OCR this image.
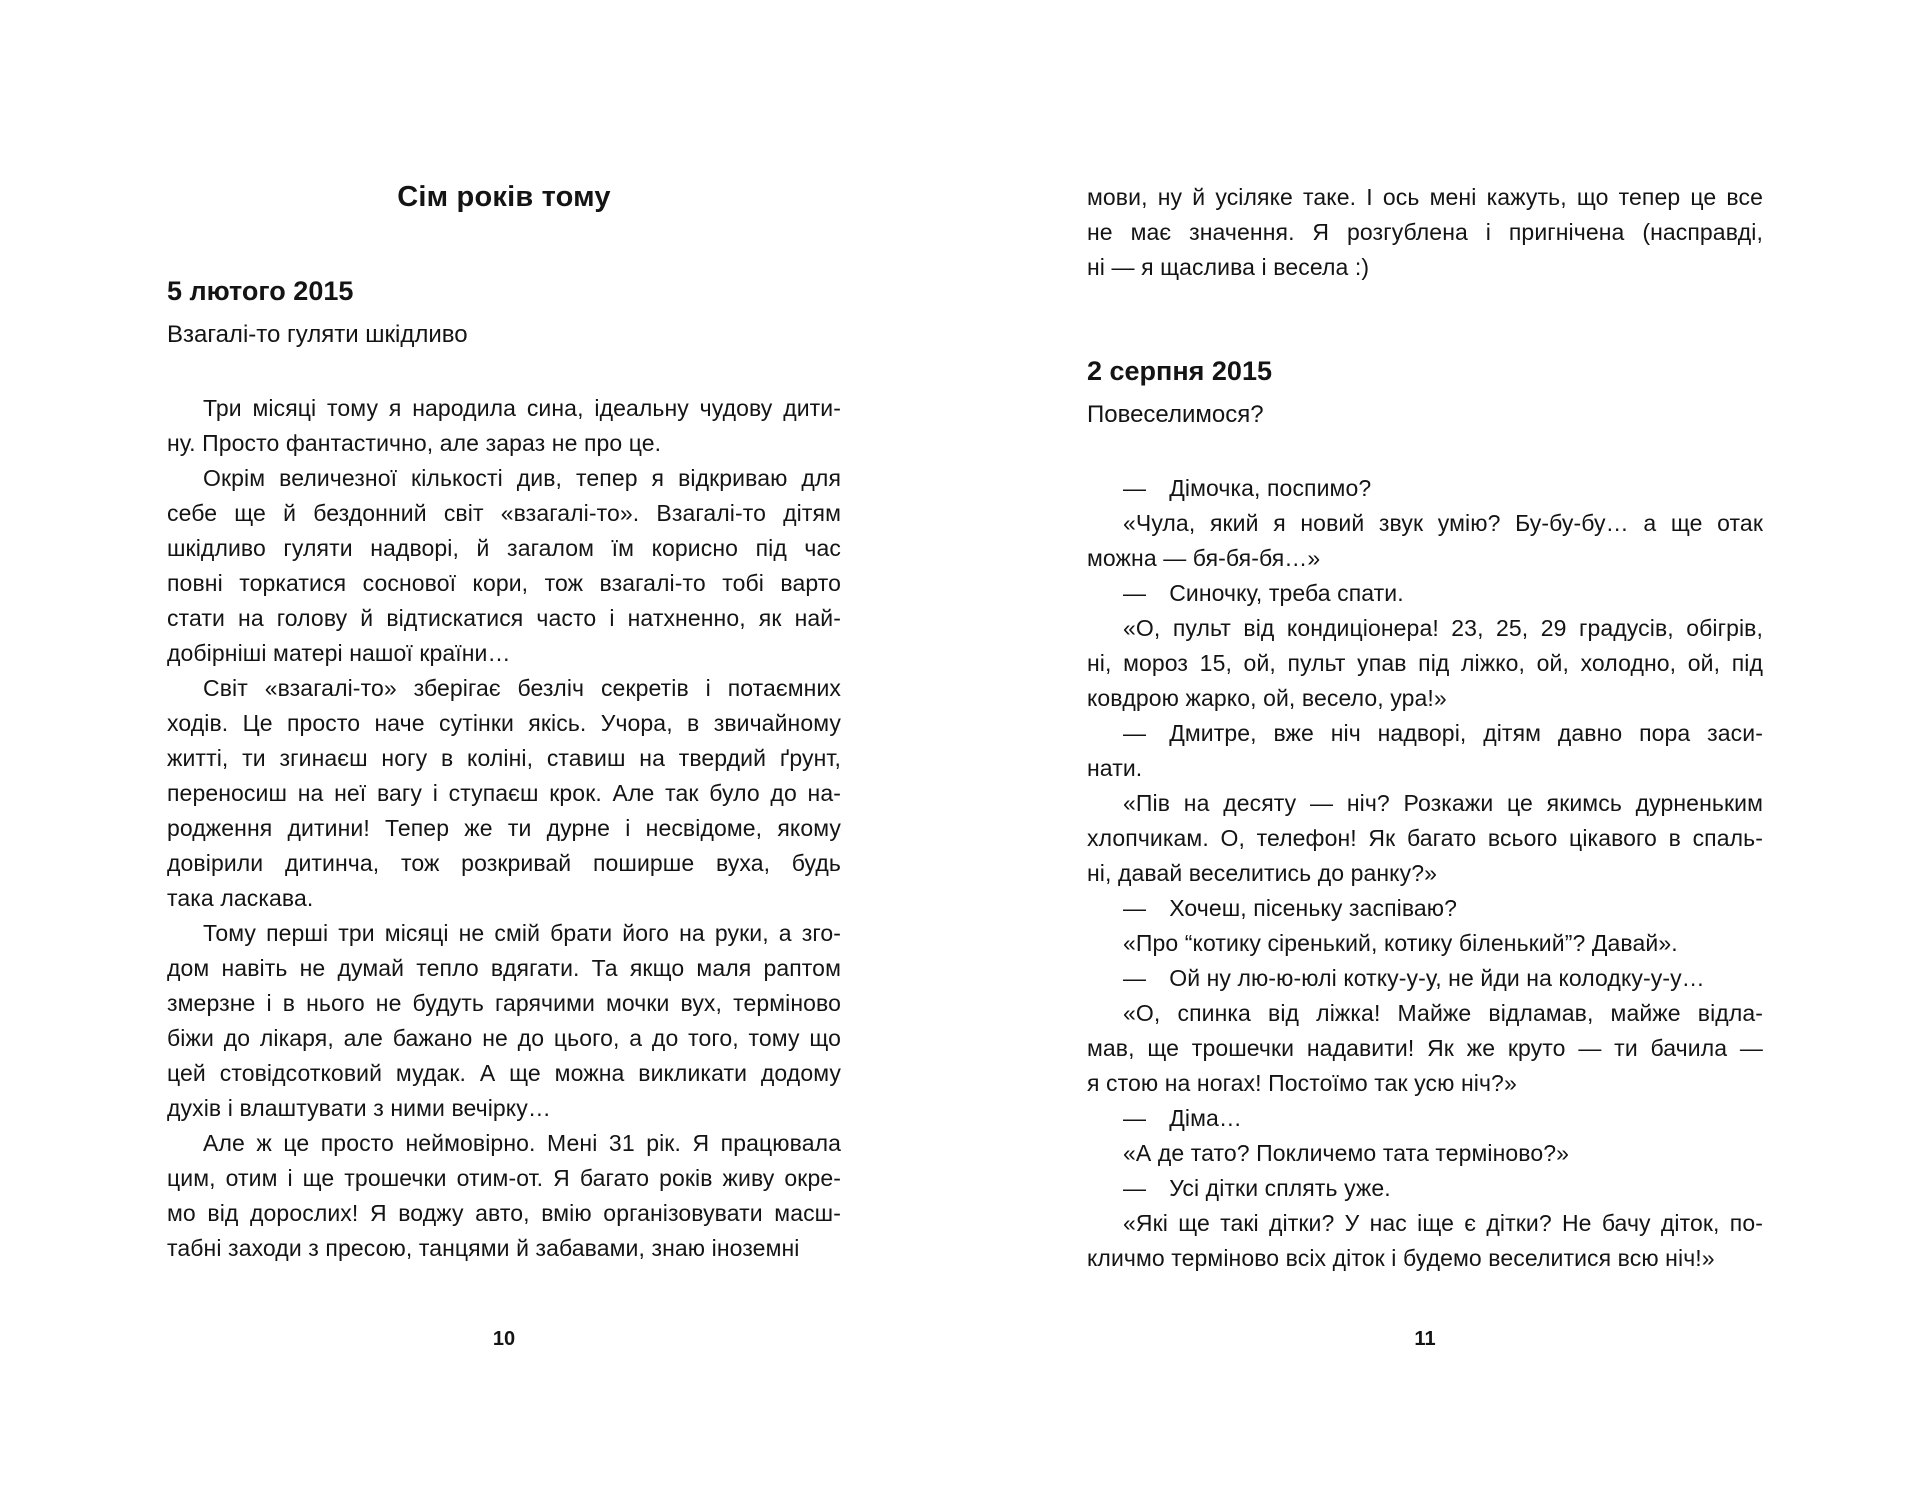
Сім років тому
5 лютого 2015
Взагалі-то гуляти шкідливо
Три місяці тому я народила сина, ідеальну чудову дити-
ну. Просто фантастично, але зараз не про це.
Окрім величезної кількості див, тепер я відкриваю для
себе ще й бездонний світ «взагалі-то». Взагалі-то дітям
шкідливо гуляти надворі, й загалом їм корисно під час
повні торкатися соснової кори, тож взагалі-то тобі варто
стати на голову й відтискатися часто і натхненно, як най-
добірніші матері нашої країни…
Світ «взагалі-то» зберігає безліч секретів і потаємних
ходів. Це просто наче сутінки якісь. Учора, в звичайному
житті, ти згинаєш ногу в коліні, ставиш на твердий ґрунт,
переносиш на неї вагу і ступаєш крок. Але так було до на-
родження дитини! Тепер же ти дурне і несвідоме, якому
довірили дитинча, тож розкривай поширше вуха, будь
така ласкава.
Тому перші три місяці не смій брати його на руки, а зго-
дом навіть не думай тепло вдягати. Та якщо маля раптом
змерзне і в нього не будуть гарячими мочки вух, терміново
біжи до лікаря, але бажано не до цього, а до того, тому що
цей стовідсотковий мудак. А ще можна викликати додому
духів і влаштувати з ними вечірку…
Але ж це просто неймовірно. Мені 31 рік. Я працювала
цим, отим і ще трошечки отим-от. Я багато років живу окре-
мо від дорослих! Я воджу авто, вмію організовувати масш-
табні заходи з пресою, танцями й забавами, знаю іноземні
мови, ну й усіляке таке. І ось мені кажуть, що тепер це все
не має значення. Я розгублена і пригнічена (насправді,
ні — я щаслива і весела :)
2 серпня 2015
Повеселимося?
— Дімочка, поспимо?
«Чула, який я новий звук умію? Бу-бу-бу… а ще отак
можна — бя-бя-бя…»
— Синочку, треба спати.
«О, пульт від кондиціонера! 23, 25, 29 градусів, обігрів,
ні, мороз 15, ой, пульт упав під ліжко, ой, холодно, ой, під
ковдрою жарко, ой, весело, ура!»
— Дмитре, вже ніч надворі, дітям давно пора заси-
нати.
«Пів на десяту — ніч? Розкажи це якимсь дурненьким
хлопчикам. О, телефон! Як багато всього цікавого в спаль-
ні, давай веселитись до ранку?»
— Хочеш, пісеньку заспіваю?
«Про “котику сіренький, котику біленький”? Давай».
— Ой ну лю-ю-юлі котку-у-у, не йди на колодку-у-у…
«О, спинка від ліжка! Майже відламав, майже відла-
мав, ще трошечки надавити! Як же круто — ти бачила —
я стою на ногах! Постоїмо так усю ніч?»
— Діма…
«А де тато? Покличемо тата терміново?»
— Усі дітки сплять уже.
«Які ще такі дітки? У нас іще є дітки? Не бачу діток, по-
кличмо терміново всіх діток і будемо веселитися всю ніч!»
10	11
